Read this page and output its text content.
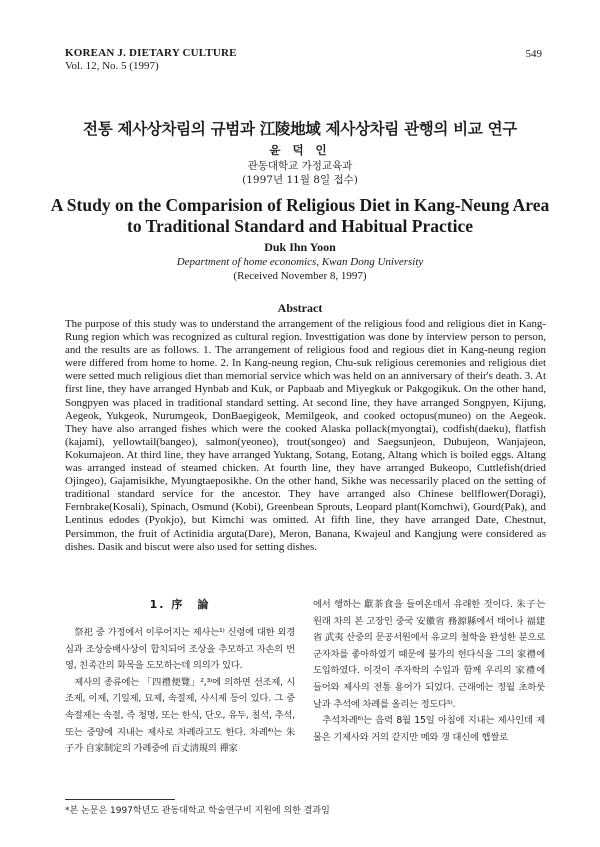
KOREAN J. DIETARY CULTURE
Vol. 12, No. 5 (1997)
549
전통 제사상차림의 규범과 江陵地域 제사상차림 관행의 비교 연구
윤 덕 인
관동대학교 가정교육과
(1997년 11월 8일 접수)
A Study on the Comparision of Religious Diet in Kang-Neung Area
to Traditional Standard and Habitual Practice
Duk Ihn Yoon
Department of home economics, Kwan Dong University
(Received November 8, 1997)
Abstract

The purpose of this study was to understand the arrangement of the religious food and religious diet in Kang-Rung region which was recognized as cultural region. Investtigation was done by interview person to person, and the results are as follows. 1. The arrangement of religious food and regious diet in Kang-neung region were differed from home to home. 2. In Kang-neung region, Chu-suk religious ceremonies and religious diet were setted much religious diet than memorial service which was held on an anniversary of their's death. 3. At first line, they have arranged Hynbab and Kuk, or Papbaab and Miyegkuk or Pakgogikuk. On the other hand, Songpyen was placed in traditional standard setting. At second line, they have arranged Songpyen, Kijung, Aegeok, Yukgeok, Nurumgeok, DonBaegigeok, Memilgeok, and cooked octopus(muneo) on the Aegeok. They have also arranged fishes which were the cooked Alaska pollack(myongtai), codfish(daeku), flatfish (kajami), yellowtail(bangeo), salmon(yeoneo), trout(songeo) and Saegsunjeon, Dubujeon, Wanjajeon, Kokumajeon. At third line, they have arranged Yuktang, Sotang, Eotang, Altang which is boiled eggs. Altang was arranged instead of steamed chicken. At fourth line, they have arranged Bukeopo, Cuttlefish(dried Ojingeo), Gajamisikhe, Myungtaeposikhe. On the other hand, Sikhe was necessarily placed on the setting of traditional standard service for the ancestor. They have arranged also Chinese bellflower(Doragi), Fernbrake(Kosali), Spinach, Osmund (Kobi), Greenbean Sprouts, Leopard plant(Komchwi), Gourd(Pak), and Lentinus edodes (Pyokjo), but Kimchi was omitted. At fifth line, they have arranged Date, Chestnut, Persimmon, the fruit of Actinidia arguta(Dare), Meron, Banana, Kwajeul and Kangjung were considered as dishes. Dasik and biscut were also used for setting dishes.

1. 序　論

祭祀 중 가정에서 이루어지는 제사는¹⁾ 신령에 대한 외경심과 조상숭배사상이 합치되어 조상을 추모하고 자손의 번영, 친족간의 화목을 도모하는데 의의가 있다.

제사의 종류에는 「四禮便覽」²,³⁾에 의하면 선조제, 시조제, 이제, 기일제, 묘제, 속절제, 사시제 등이 있다. 그 중 속절제는 속절, 즉 청명, 또는 한식, 단오, 유두, 칠석, 추석, 또는 중양에 지내는 제사로 차례라고도 한다. 차례⁴⁾는 朱子가 自家制定의 가례중에 百丈淸規의 禪家

에서 행하는 獻茶食을 들여온데서 유래한 것이다. 朱子는 원래 차의 본 고장인 중국 安徽省 務源縣에서 태어나 福建省 武夷 산중의 문공서원에서 유교의 철학을 완성한 분으로 군자차를 좋아하였기 때문에 불가의 헌다식을 그의 家禮에 도입하였다. 이것이 주자학의 수입과 함께 우리의 家禮에 들어와 제사의 전통 용어가 되었다. 근래에는 정월 초하룻날과 추석에 차례를 올리는 정도다⁵⁾.

추석차례⁶⁾는 음력 8월 15일 아침에 지내는 제사인데 제물은 기제사와 거의 같지만 메와 갱 대신에 햅쌀로

*본 논문은 1997학년도 관동대학교 학술연구비 지원에 의한 결과임
